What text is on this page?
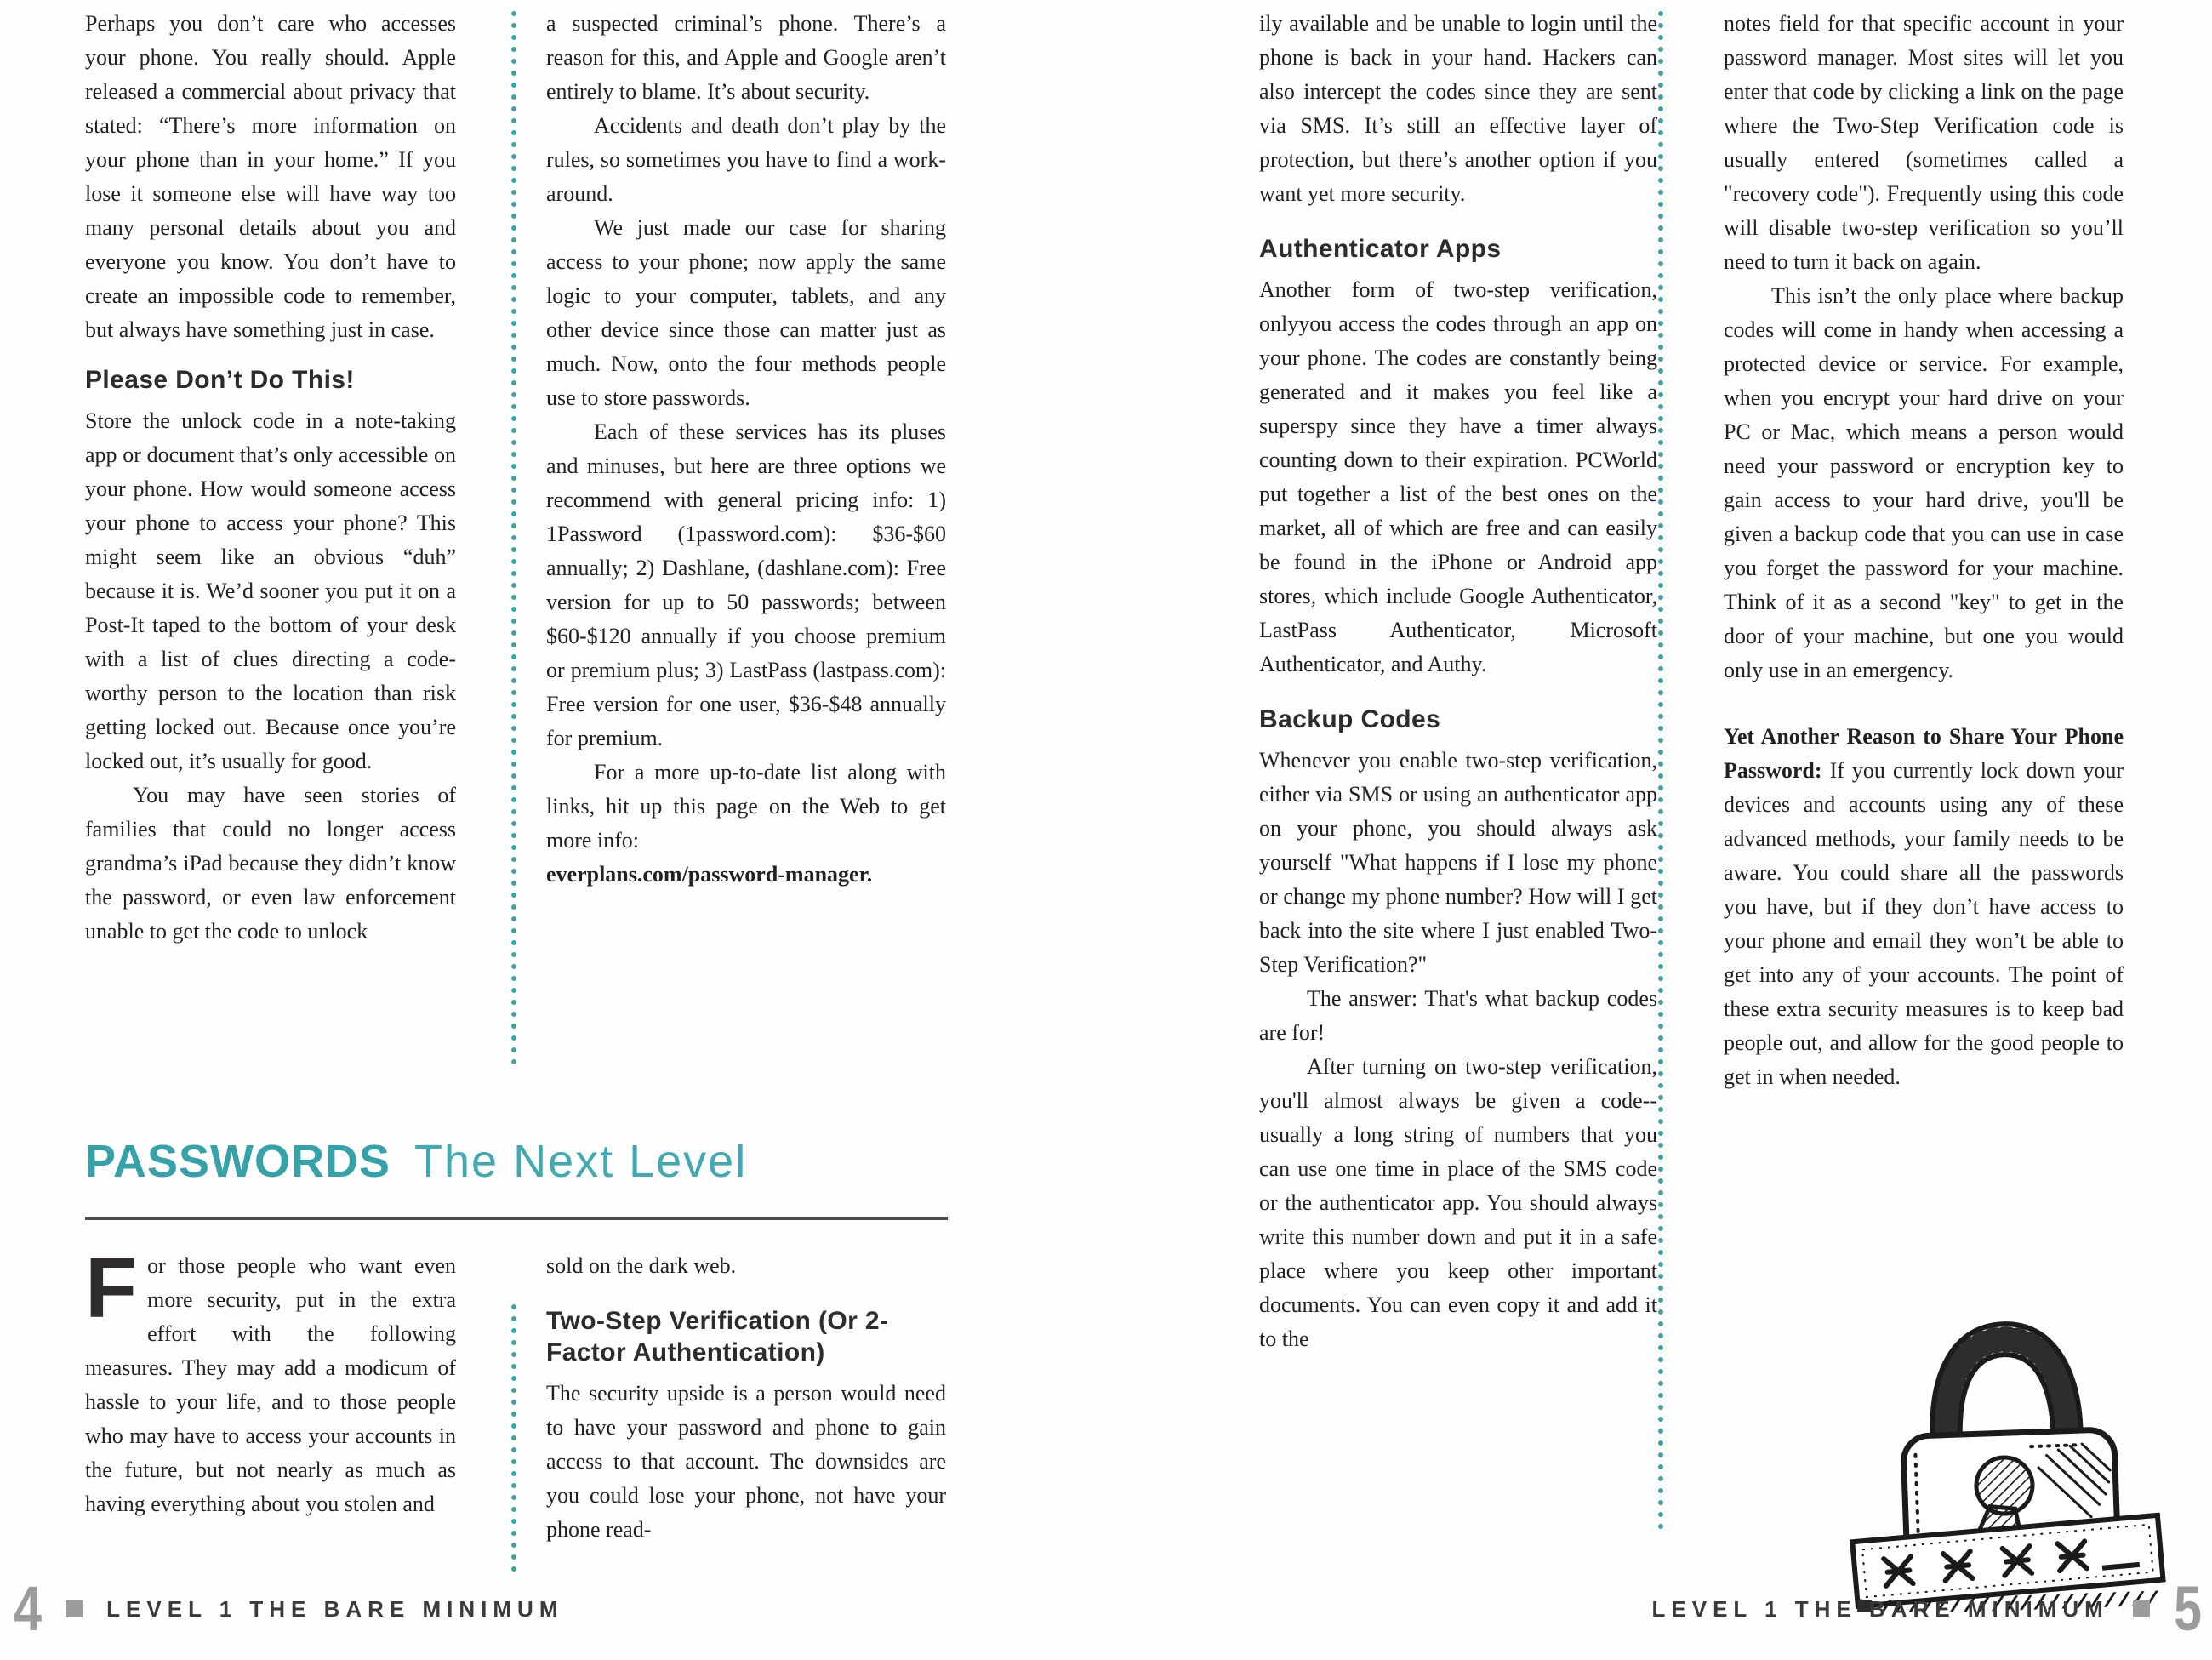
Perhaps you don’t care who accesses your phone. You really should. Apple released a commercial about privacy that stated: “There’s more information on your phone than in your home.” If you lose it someone else will have way too many personal details about you and everyone you know. You don’t have to create an impossible code to remember, but always have something just in case.

Please Don’t Do This!

Store the unlock code in a note-taking app or document that’s only accessible on your phone. How would someone access your phone to access your phone? This might seem like an obvious “duh” because it is. We’d sooner you put it on a Post-It taped to the bottom of your desk with a list of clues directing a code-worthy person to the location than risk getting locked out. Because once you’re locked out, it’s usually for good.

You may have seen stories of families that could no longer access grandma’s iPad because they didn’t know the password, or even law enforcement unable to get the code to unlock

a suspected criminal’s phone. There’s a reason for this, and Apple and Google aren’t entirely to blame. It’s about security.

Accidents and death don’t play by the rules, so sometimes you have to find a work-around.

We just made our case for sharing access to your phone; now apply the same logic to your computer, tablets, and any other device since those can matter just as much. Now, onto the four methods people use to store passwords.

Each of these services has its pluses and minuses, but here are three options we recommend with general pricing info: 1) 1Password (1password.com): $36-$60 annually; 2) Dashlane, (dashlane.com): Free version for up to 50 passwords; between $60-$120 annually if you choose premium or premium plus; 3) LastPass (lastpass.com): Free version for one user, $36-$48 annually for premium.

For a more up-to-date list along with links, hit up this page on the Web to get more info:

everplans.com/password-manager.

PASSWORDS The Next Level

For those people who want even more security, put in the extra effort with the following measures. They may add a modicum of hassle to your life, and to those people who may have to access your accounts in the future, but not nearly as much as having everything about you stolen and

sold on the dark web.

Two-Step Verification (Or 2-Factor Authentication)

The security upside is a person would need to have your password and phone to gain access to that account. The downsides are you could lose your phone, not have your phone read-

ily available and be unable to login until the phone is back in your hand. Hackers can also intercept the codes since they are sent via SMS. It’s still an effective layer of protection, but there’s another option if you want yet more security.

Authenticator Apps

Another form of two-step verification, onlyyou access the codes through an app on your phone. The codes are constantly being generated and it makes you feel like a superspy since they have a timer always counting down to their expiration. PCWorld put together a list of the best ones on the market, all of which are free and can easily be found in the iPhone or Android app stores, which include Google Authenticator, LastPass Authenticator, Microsoft Authenticator, and Authy.

Backup Codes

Whenever you enable two-step verification, either via SMS or using an authenticator app on your phone, you should always ask yourself "What happens if I lose my phone or change my phone number? How will I get back into the site where I just enabled Two-Step Verification?"

The answer: That's what backup codes are for!

After turning on two-step verification, you'll almost always be given a code--usually a long string of numbers that you can use one time in place of the SMS code or the authenticator app. You should always write this number down and put it in a safe place where you keep other important documents. You can even copy it and add it to the

notes field for that specific account in your password manager. Most sites will let you enter that code by clicking a link on the page where the Two-Step Verification code is usually entered (sometimes called a "recovery code"). Frequently using this code will disable two-step verification so you’ll need to turn it back on again.

This isn’t the only place where backup codes will come in handy when accessing a protected device or service. For example, when you encrypt your hard drive on your PC or Mac, which means a person would need your password or encryption key to gain access to your hard drive, you'll be given a backup code that you can use in case you forget the password for your machine. Think of it as a second "key" to get in the door of your machine, but one you would only use in an emergency.

Yet Another Reason to Share Your Phone Password: If you currently lock down your devices and accounts using any of these advanced methods, your family needs to be aware. You could share all the passwords you have, but if they don’t have access to your phone and email they won’t be able to get into any of your accounts. The point of these extra security measures is to keep bad people out, and allow for the good people to get in when needed.

4	LEVEL 1 THE BARE MINIMUM	LEVEL 1 THE BARE MINIMUM 5
